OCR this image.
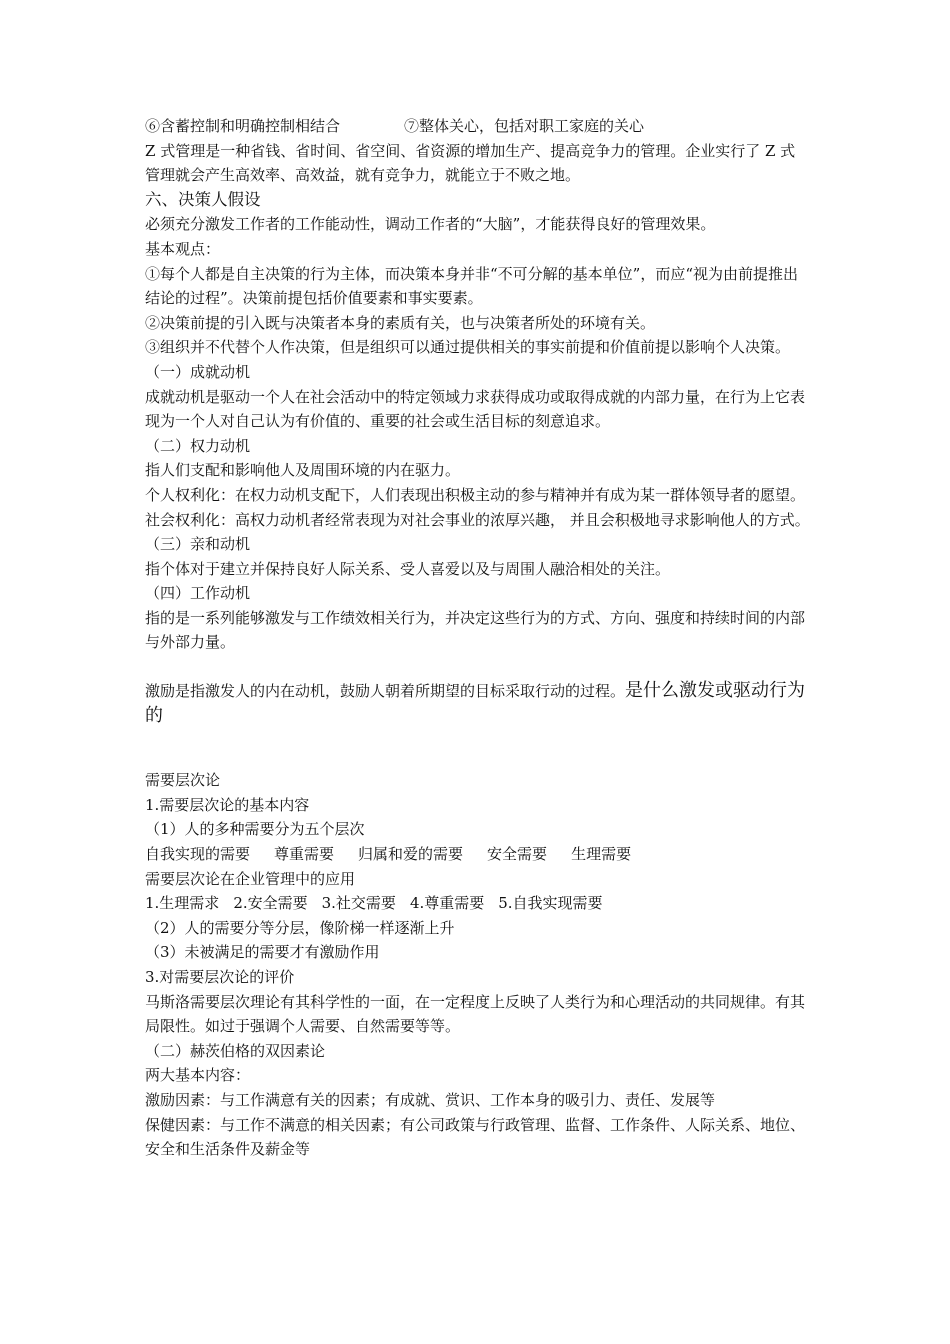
⑥含蓄控制和明确控制相结合	⑦整体关心，包括对职工家庭的关心

Z 式管理是一种省钱、省时间、省空间、省资源的增加生产、提高竞争力的管理。企业实行了 Z 式管理就会产生高效率、高效益，就有竞争力，就能立于不败之地。

六、决策人假设

必须充分激发工作者的工作能动性，调动工作者的“大脑”，才能获得良好的管理效果。

基本观点：

①每个人都是自主决策的行为主体，而决策本身并非“不可分解的基本单位”，而应“视为由前提推出结论的过程”。决策前提包括价值要素和事实要素。

②决策前提的引入既与决策者本身的素质有关，也与决策者所处的环境有关。

③组织并不代替个人作决策，但是组织可以通过提供相关的事实前提和价值前提以影响个人决策。

（一）成就动机

成就动机是驱动一个人在社会活动中的特定领域力求获得成功或取得成就的内部力量，在行为上它表现为一个人对自己认为有价值的、重要的社会或生活目标的刻意追求。

（二）权力动机

指人们支配和影响他人及周围环境的内在驱力。

个人权利化：在权力动机支配下，人们表现出积极主动的参与精神并有成为某一群体领导者的愿望。

社会权利化：高权力动机者经常表现为对社会事业的浓厚兴趣， 并且会积极地寻求影响他人的方式。

（三）亲和动机

指个体对于建立并保持良好人际关系、受人喜爱以及与周围人融洽相处的关注。

（四）工作动机

指的是一系列能够激发与工作绩效相关行为，并决定这些行为的方式、方向、强度和持续时间的内部与外部力量。

激励是指激发人的内在动机，鼓励人朝着所期望的目标采取行动的过程。是什么激发或驱动行为的

需要层次论

1.需要层次论的基本内容

（1）人的多种需要分为五个层次

自我实现的需要 尊重需要 归属和爱的需要 安全需要 生理需要

需要层次论在企业管理中的应用

1.生理需求 2.安全需要 3.社交需要 4.尊重需要 5.自我实现需要

（2）人的需要分等分层，像阶梯一样逐渐上升

（3）未被满足的需要才有激励作用

3.对需要层次论的评价

马斯洛需要层次理论有其科学性的一面，在一定程度上反映了人类行为和心理活动的共同规律。有其局限性。如过于强调个人需要、自然需要等等。

（二）赫茨伯格的双因素论

两大基本内容：

激励因素：与工作满意有关的因素；有成就、赏识、工作本身的吸引力、责任、发展等

保健因素：与工作不满意的相关因素；有公司政策与行政管理、监督、工作条件、人际关系、地位、安全和生活条件及薪金等
